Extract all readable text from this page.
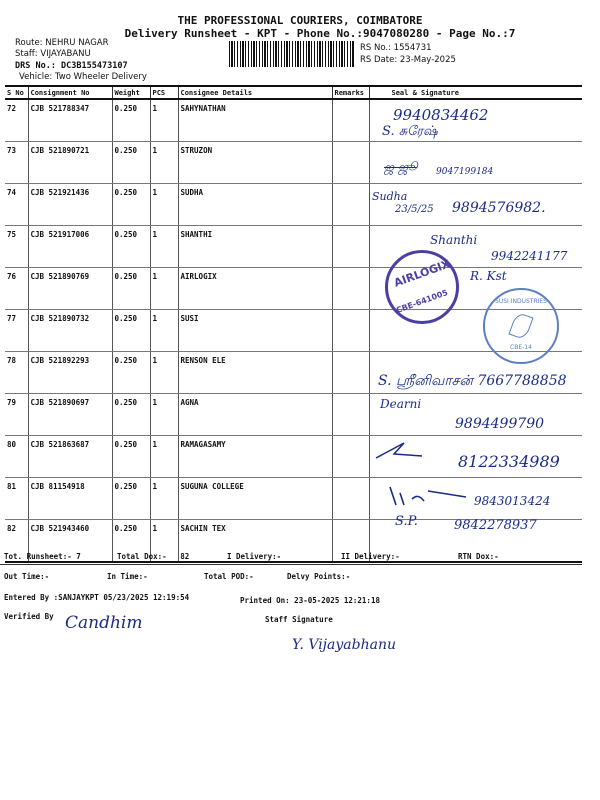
THE PROFESSIONAL COURIERS, COIMBATORE
Delivery Runsheet - KPT - Phone No.:9047080280 - Page No.:7
Route: NEHRU NAGAR
Staff: VIJAYABANU
DRS No.: DC3B155473107
Vehicle: Two Wheeler Delivery
RS No.: 1554731
RS Date: 23-May-2025
S No	Consignment No	Weight	PCS	Consignee Details	Remarks	Seal & Signature
72	CJB 521788347	0.250	1	SAHYNATHAN		
73	CJB 521890721	0.250	1	STRUZON		
74	CJB 521921436	0.250	1	SUDHA		
75	CJB 521917006	0.250	1	SHANTHI		
76	CJB 521890769	0.250	1	AIRLOGIX		
77	CJB 521890732	0.250	1	SUSI		
78	CJB 521892293	0.250	1	RENSON ELE		
79	CJB 521890697	0.250	1	AGNA		
80	CJB 521863687	0.250	1	RAMAGASAMY		
81	CJB 81154918	0.250	1	SUGUNA COLLEGE		
82	CJB 521943460	0.250	1	SACHIN TEX		
9940834462
S. சுரேஷ்
ஜ-ஜூ 9047199184
Sudha
23/5/25 9894576982.
Shanthi
9942241177
R. Kst
S. ஸ்ரீனிவாசன் 7667788858
Dearni
9894499790
8122334989
9843013424
S.P.	9842278937
AIRLOGIX
CBE-641005	SUSI INDUSTRIES
CBE-14
Tot. Runsheet:- 7	Total Dox:-   82	I Delivery:-	II Delivery:-	RTN Dox:-
Out Time:-	In Time:-	Total POD:-	Delvy Points:-
Entered By :SANJAYKPT 05/23/2025 12:19:54	Printed On: 23-05-2025 12:21:18
Verified By Candhim	Staff Signature
Y. Vijayabhanu
